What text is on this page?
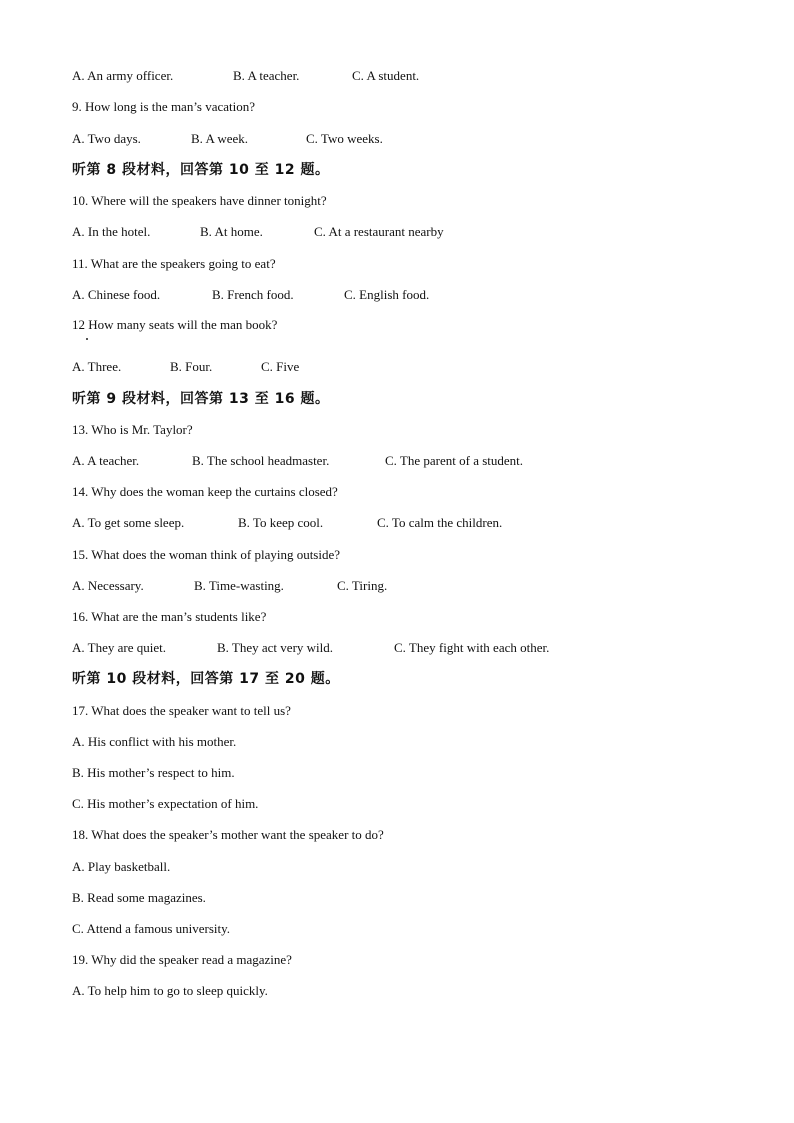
A. An army officer.	B. A teacher.	C. A student.
9. How long is the man’s vacation?
A. Two days.	B. A week.	C. Two weeks.
听第 8 段材料，回答第 10 至 12 题。
10. Where will the speakers have dinner tonight?
A. In the hotel.	B. At home.	C. At a restaurant nearby
11. What are the speakers going to eat?
A. Chinese food.	B. French food.	C. English food.
12 How many seats will the man book?
A. Three.	B. Four.	C. Five
听第 9 段材料，回答第 13 至 16 题。
13. Who is Mr. Taylor?
A. A teacher.	B. The school headmaster.	C. The parent of a student.
14. Why does the woman keep the curtains closed?
A. To get some sleep.	B. To keep cool.	C. To calm the children.
15. What does the woman think of playing outside?
A. Necessary.	B. Time-wasting.	C. Tiring.
16. What are the man’s students like?
A. They are quiet.	B. They act very wild.	C. They fight with each other.
听第 10 段材料，回答第 17 至 20 题。
17. What does the speaker want to tell us?
A. His conflict with his mother.
B. His mother’s respect to him.
C. His mother’s expectation of him.
18. What does the speaker’s mother want the speaker to do?
A. Play basketball.
B. Read some magazines.
C. Attend a famous university.
19. Why did the speaker read a magazine?
A. To help him to go to sleep quickly.
